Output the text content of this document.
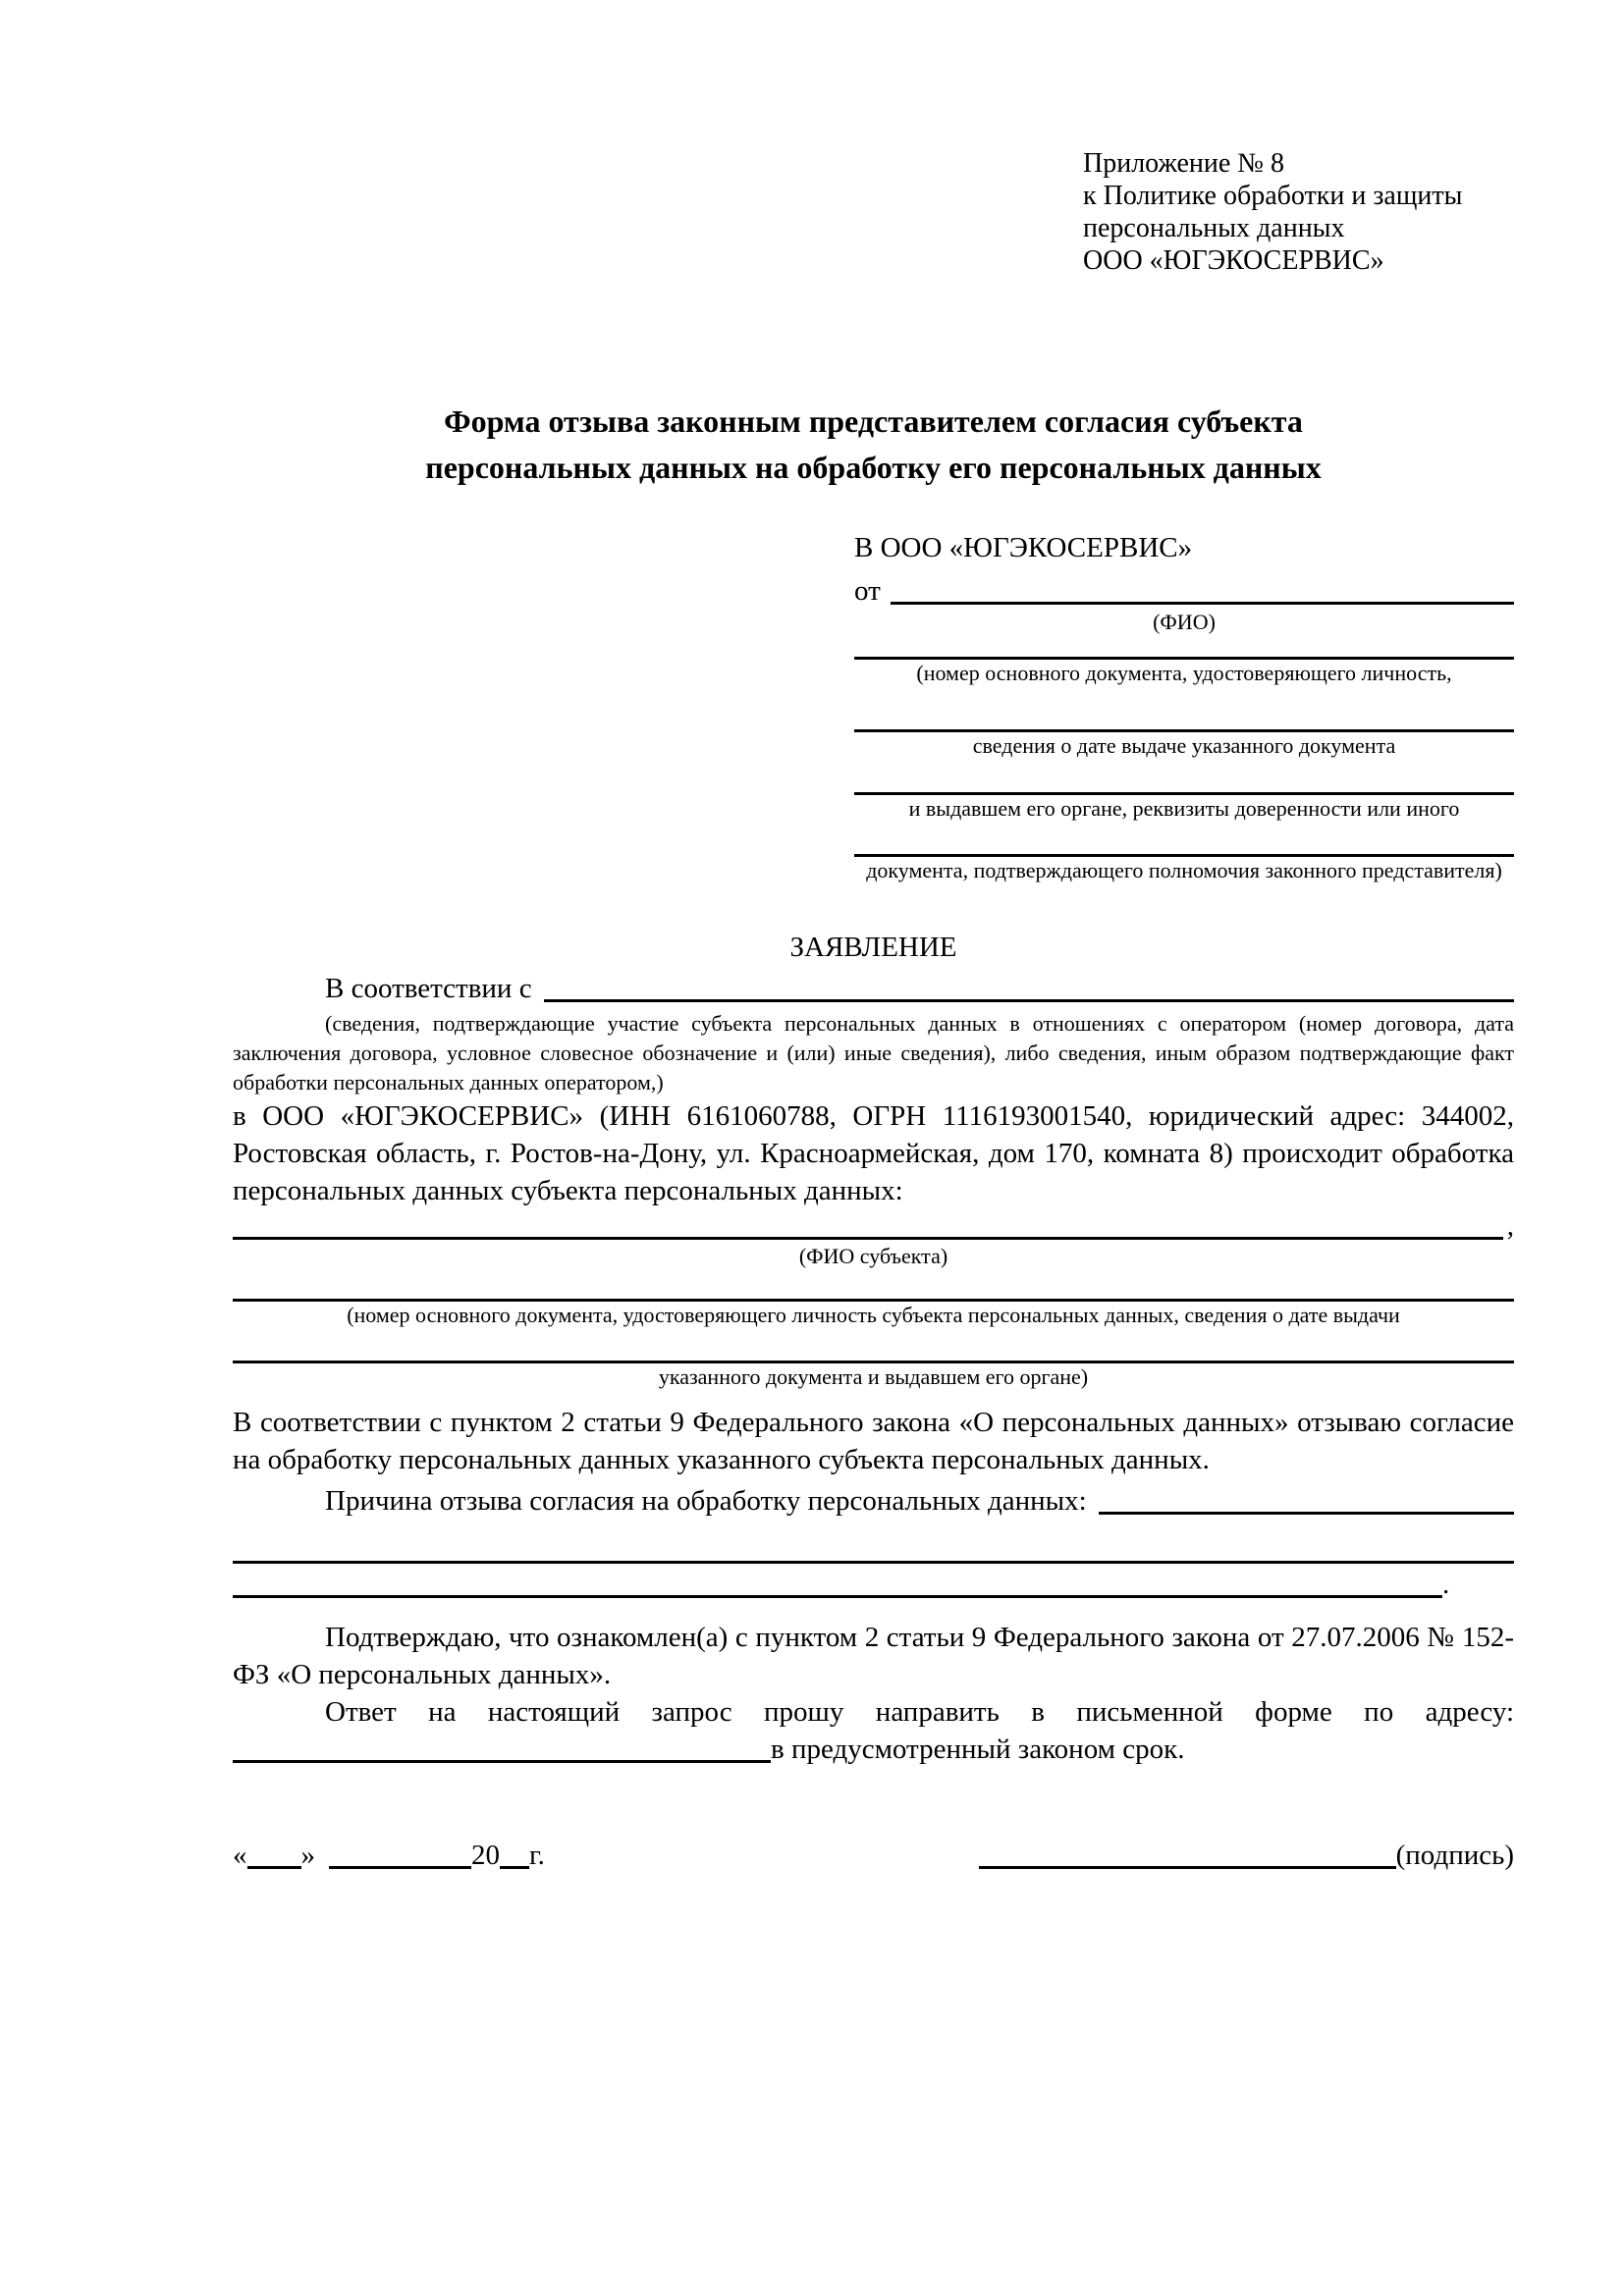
Приложение № 8
к Политике обработки и защиты
персональных данных
ООО «ЮГЭКОСЕРВИС»
Форма отзыва законным представителем согласия субъекта
персональных данных на обработку его персональных данных
В ООО «ЮГЭКОСЕРВИС»
от
(ФИО)
(номер основного документа, удостоверяющего личность,
сведения о дате выдаче указанного документа
и выдавшем его органе, реквизиты доверенности или иного
документа, подтверждающего полномочия законного представителя)
ЗАЯВЛЕНИЕ
В соответствии с

(сведения, подтверждающие участие субъекта персональных данных в отношениях с оператором (номер договора, дата заключения договора, условное словесное обозначение и (или) иные сведения), либо сведения, иным образом подтверждающие факт обработки персональных данных оператором,)

в ООО «ЮГЭКОСЕРВИС» (ИНН 6161060788, ОГРН 1116193001540, юридический адрес: 344002, Ростовская область, г. Ростов-на-Дону, ул. Красноармейская, дом 170, комната 8) происходит обработка персональных данных субъекта персональных данных:

,
(ФИО субъекта)
(номер основного документа, удостоверяющего личность субъекта персональных данных, сведения о дате выдачи
указанного документа и выдавшем его органе)

В соответствии с пунктом 2 статьи 9 Федерального закона «О персональных данных» отзываю согласие на обработку персональных данных указанного субъекта персональных данных.

Причина отзыва согласия на обработку персональных данных:
.

Подтверждаю, что ознакомлен(а) с пунктом 2 статьи 9 Федерального закона от 27.07.2006 № 152-ФЗ «О персональных данных».

Ответ на настоящий запрос прошу направить в письменной форме по адресу:
в предусмотренный законом срок.
« »	20 г.	(подпись)
